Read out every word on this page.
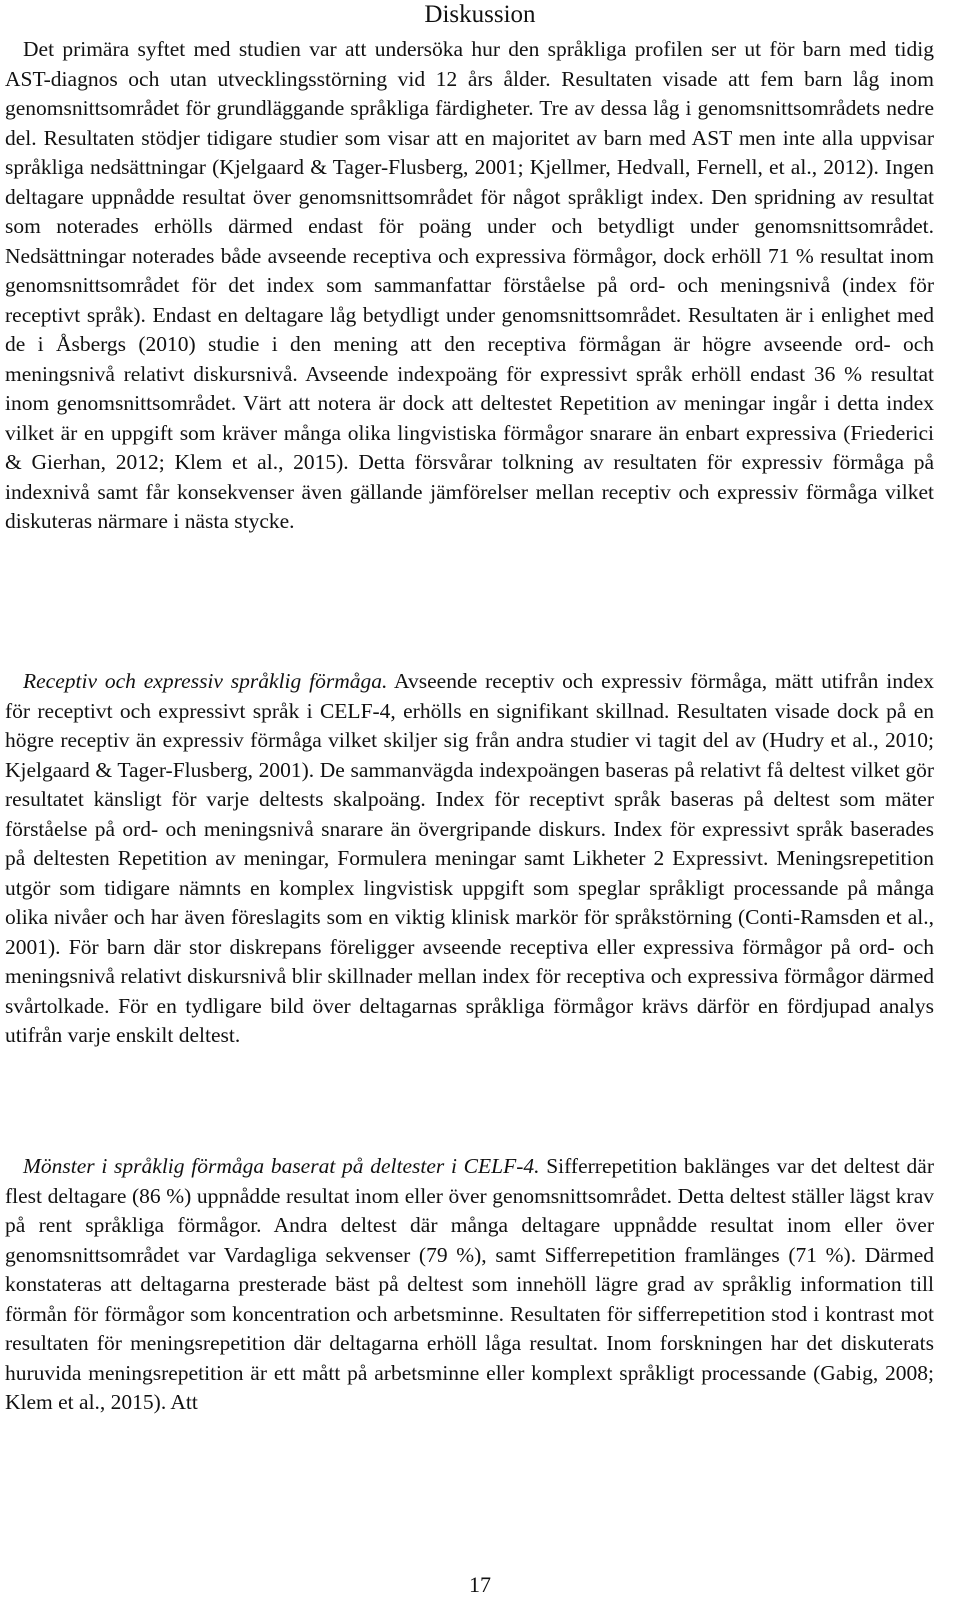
Diskussion

Det primära syftet med studien var att undersöka hur den språkliga profilen ser ut för barn med tidig AST-diagnos och utan utvecklingsstörning vid 12 års ålder. Resultaten visade att fem barn låg inom genomsnittsområdet för grundläggande språkliga färdigheter. Tre av dessa låg i genomsnittsområdets nedre del. Resultaten stödjer tidigare studier som visar att en majoritet av barn med AST men inte alla uppvisar språkliga nedsättningar (Kjelgaard & Tager-Flusberg, 2001; Kjellmer, Hedvall, Fernell, et al., 2012). Ingen deltagare uppnådde resultat över genomsnittsområdet för något språkligt index. Den spridning av resultat som noterades erhölls därmed endast för poäng under och betydligt under genomsnittsområdet. Nedsättningar noterades både avseende receptiva och expressiva förmågor, dock erhöll 71 % resultat inom genomsnittsområdet för det index som sammanfattar förståelse på ord- och meningsnivå (index för receptivt språk). Endast en deltagare låg betydligt under genomsnittsområdet. Resultaten är i enlighet med de i Åsbergs (2010) studie i den mening att den receptiva förmågan är högre avseende ord- och meningsnivå relativt diskursnivå. Avseende indexpoäng för expressivt språk erhöll endast 36 % resultat inom genomsnittsområdet. Värt att notera är dock att deltestet Repetition av meningar ingår i detta index vilket är en uppgift som kräver många olika lingvistiska förmågor snarare än enbart expressiva (Friederici & Gierhan, 2012; Klem et al., 2015). Detta försvårar tolkning av resultaten för expressiv förmåga på indexnivå samt får konsekvenser även gällande jämförelser mellan receptiv och expressiv förmåga vilket diskuteras närmare i nästa stycke.

Receptiv och expressiv språklig förmåga. Avseende receptiv och expressiv förmåga, mätt utifrån index för receptivt och expressivt språk i CELF-4, erhölls en signifikant skillnad. Resultaten visade dock på en högre receptiv än expressiv förmåga vilket skiljer sig från andra studier vi tagit del av (Hudry et al., 2010; Kjelgaard & Tager-Flusberg, 2001). De sammanvägda indexpoängen baseras på relativt få deltest vilket gör resultatet känsligt för varje deltests skalpoäng. Index för receptivt språk baseras på deltest som mäter förståelse på ord- och meningsnivå snarare än övergripande diskurs. Index för expressivt språk baserades på deltesten Repetition av meningar, Formulera meningar samt Likheter 2 Expressivt. Meningsrepetition utgör som tidigare nämnts en komplex lingvistisk uppgift som speglar språkligt processande på många olika nivåer och har även föreslagits som en viktig klinisk markör för språkstörning (Conti-Ramsden et al., 2001). För barn där stor diskrepans föreligger avseende receptiva eller expressiva förmågor på ord- och meningsnivå relativt diskursnivå blir skillnader mellan index för receptiva och expressiva förmågor därmed svårtolkade. För en tydligare bild över deltagarnas språkliga förmågor krävs därför en fördjupad analys utifrån varje enskilt deltest.

Mönster i språklig förmåga baserat på deltester i CELF-4. Sifferrepetition baklänges var det deltest där flest deltagare (86 %) uppnådde resultat inom eller över genomsnittsområdet. Detta deltest ställer lägst krav på rent språkliga förmågor. Andra deltest där många deltagare uppnådde resultat inom eller över genomsnittsområdet var Vardagliga sekvenser (79 %), samt Sifferrepetition framlänges (71 %). Därmed konstateras att deltagarna presterade bäst på deltest som innehöll lägre grad av språklig information till förmån för förmågor som koncentration och arbetsminne. Resultaten för sifferrepetition stod i kontrast mot resultaten för meningsrepetition där deltagarna erhöll låga resultat. Inom forskningen har det diskuterats huruvida meningsrepetition är ett mått på arbetsminne eller komplext språkligt processande (Gabig, 2008; Klem et al., 2015). Att

17
